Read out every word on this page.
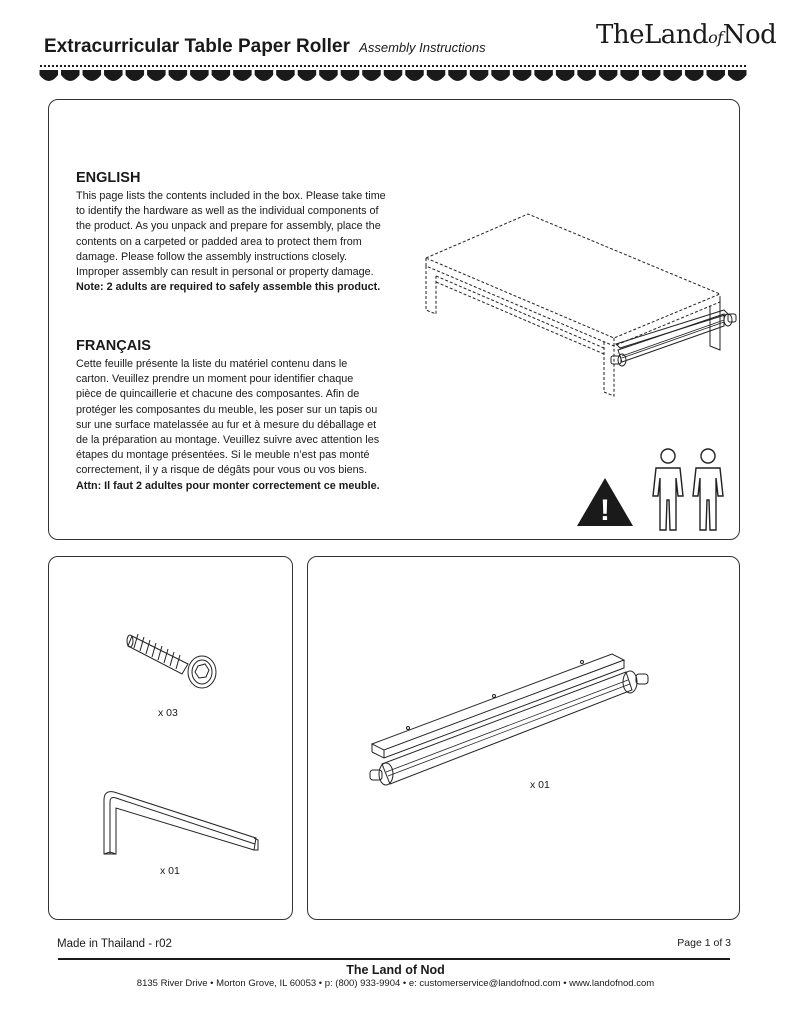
Extracurricular Table Paper Roller Assembly Instructions	TheLandofNod
ENGLISH
This page lists the contents included in the box. Please take time
to identify the hardware as well as the individual components of
the product. As you unpack and prepare for assembly, place the
contents on a carpeted or padded area to protect them from
damage. Please follow the assembly instructions closely.
Improper assembly can result in personal or property damage.
Note: 2 adults are required to safely assemble this product.
FRANÇAIS
Cette feuille présente la liste du matériel contenu dans le
carton. Veuillez prendre un moment pour identifier chaque
pièce de quincaillerie et chacune des composantes. Afin de
protéger les composantes du meuble, les poser sur un tapis ou
sur une surface matelassée au fur et à mesure du déballage et
de la préparation au montage. Veuillez suivre avec attention les
étapes du montage présentées. Si le meuble n’est pas monté
correctement, il y a risque de dégâts pour vous ou vos biens.
Attn: Il faut 2 adultes pour monter correctement ce meuble.
!
x 03
x 01
x 01
Made in Thailand - r02	Page 1 of 3
The Land of Nod
8135 River Drive • Morton Grove, IL 60053 • p: (800) 933-9904 • e: customerservice@landofnod.com • www.landofnod.com
